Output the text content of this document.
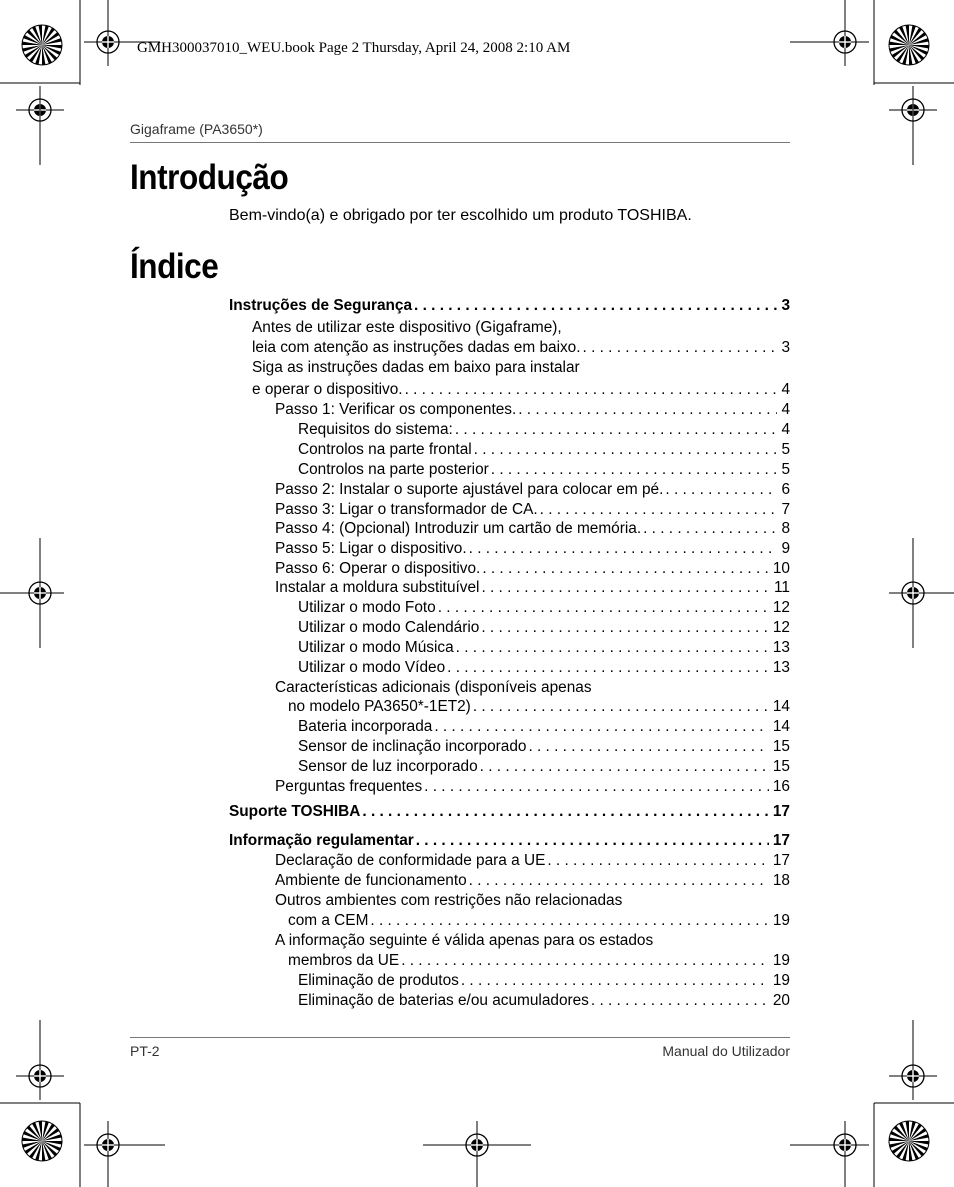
GMH300037010_WEU.book Page 2 Thursday, April 24, 2008 2:10 AM
Gigaframe (PA3650*)
Introdução
Bem-vindo(a) e obrigado por ter escolhido um produto TOSHIBA.
Índice
Instruções de Segurança . . .	3
Antes de utilizar este dispositivo (Gigaframe),
leia com atenção as instruções dadas em baixo. . . .	3
Siga as instruções dadas em baixo para instalar
e operar o dispositivo. . . .	4
Passo 1: Verificar os componentes. . . .	4
Requisitos do sistema: . . .	4
Controlos na parte frontal . . .	5
Controlos na parte posterior . . .	5
Passo 2: Instalar o suporte ajustável para colocar em pé. . . .	6
Passo 3: Ligar o transformador de CA. . . .	7
Passo 4: (Opcional) Introduzir um cartão de memória. . . .	8
Passo 5: Ligar o dispositivo. . . .	9
Passo 6: Operar o dispositivo. . . .	10
Instalar a moldura substituível . . .	11
Utilizar o modo Foto . . .	12
Utilizar o modo Calendário . . .	12
Utilizar o modo Música . . .	13
Utilizar o modo Vídeo . . .	13
Características adicionais (disponíveis apenas
no modelo PA3650*-1ET2) . . .	14
Bateria incorporada . . .	14
Sensor de inclinação incorporado . . .	15
Sensor de luz incorporado . . .	15
Perguntas frequentes . . .	16
Suporte TOSHIBA . . .	17
Informação regulamentar . . .	17
Declaração de conformidade para a UE . . .	17
Ambiente de funcionamento . . .	18
Outros ambientes com restrições não relacionadas
com a CEM . . .	19
A informação seguinte é válida apenas para os estados
membros da UE . . .	19
Eliminação de produtos . . .	19
Eliminação de baterias e/ou acumuladores . . .	20
PT-2	Manual do Utilizador
